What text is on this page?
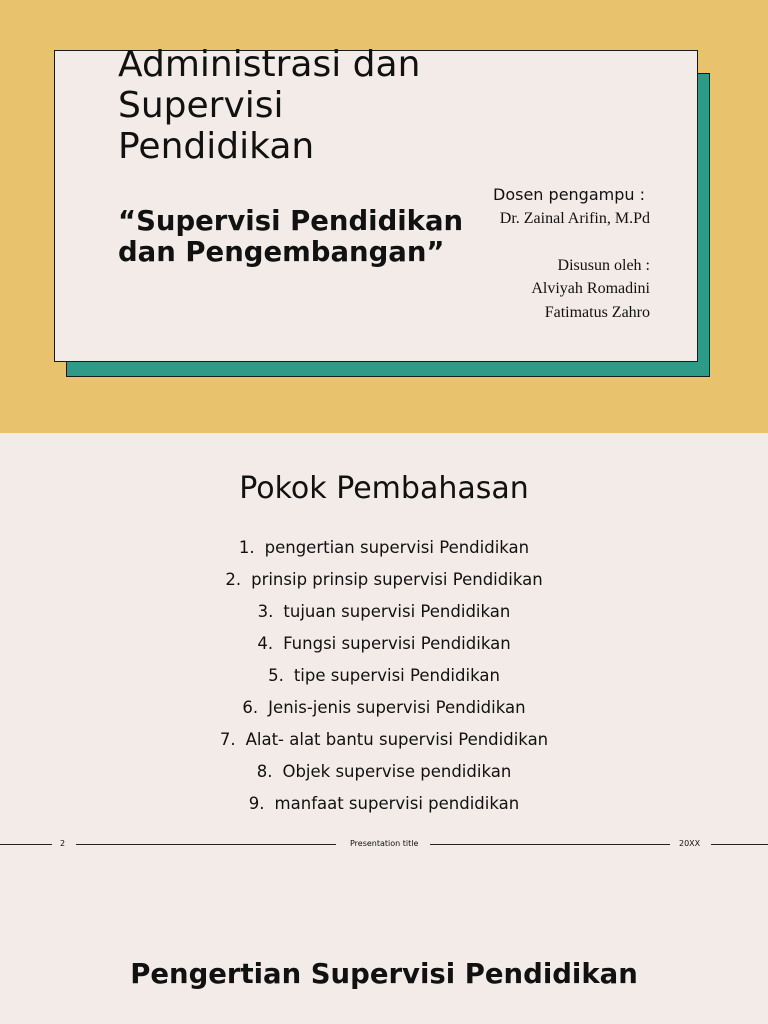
Administrasi dan
Supervisi
Pendidikan
“Supervisi Pendidikan
dan Pengembangan”
Dosen pengampu :
Dr. Zainal Arifin, M.Pd
Disusun oleh :
Alviyah Romadini
Fatimatus Zahro
Pokok Pembahasan
1. pengertian supervisi Pendidikan
2. prinsip prinsip supervisi Pendidikan
3. tujuan supervisi Pendidikan
4. Fungsi supervisi Pendidikan
5. tipe supervisi Pendidikan
6. Jenis-jenis supervisi Pendidikan
7. Alat- alat bantu supervisi Pendidikan
8. Objek supervise pendidikan
9. manfaat supervisi pendidikan
2	Presentation title	20XX
Pengertian Supervisi Pendidikan
